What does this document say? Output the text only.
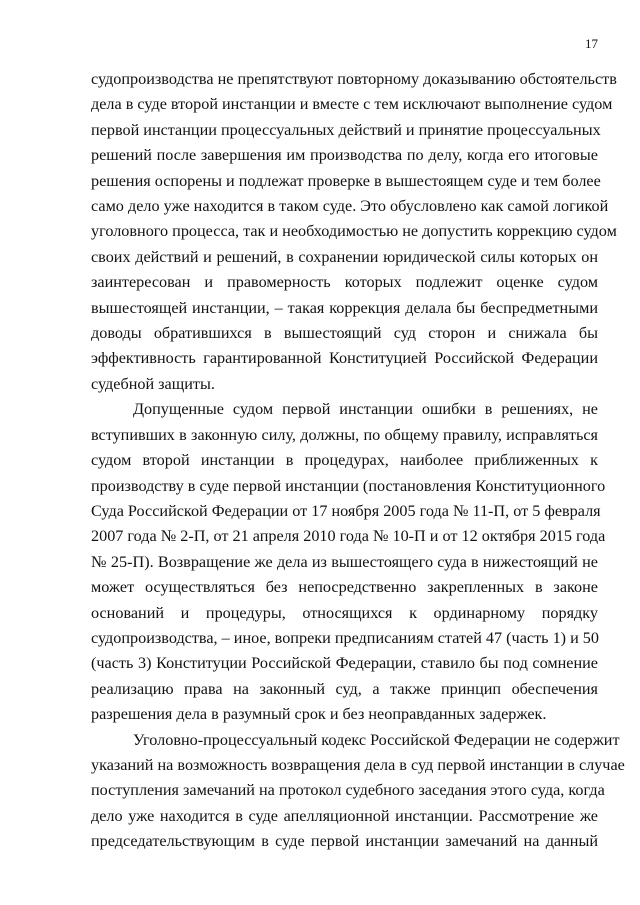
17

судопроизводства не препятствуют повторному доказыванию обстоятельств

дела в суде второй инстанции и вместе с тем исключают выполнение судом

первой инстанции процессуальных действий и принятие процессуальных

решений после завершения им производства по делу, когда его итоговые

решения оспорены и подлежат проверке в вышестоящем суде и тем более

само дело уже находится в таком суде. Это обусловлено как самой логикой

уголовного процесса, так и необходимостью не допустить коррекцию судом

своих действий и решений, в сохранении юридической силы которых он

заинтересован и правомерность которых подлежит оценке судом

вышестоящей инстанции, – такая коррекция делала бы беспредметными

доводы обратившихся в вышестоящий суд сторон и снижала бы

эффективность гарантированной Конституцией Российской Федерации

судебной защиты.

Допущенные судом первой инстанции ошибки в решениях, не

вступивших в законную силу, должны, по общему правилу, исправляться

судом второй инстанции в процедурах, наиболее приближенных к

производству в суде первой инстанции (постановления Конституционного

Суда Российской Федерации от 17 ноября 2005 года № 11-П, от 5 февраля

2007 года № 2-П, от 21 апреля 2010 года № 10-П и от 12 октября 2015 года

№ 25-П). Возвращение же дела из вышестоящего суда в нижестоящий не

может осуществляться без непосредственно закрепленных в законе

оснований и процедуры, относящихся к ординарному порядку

судопроизводства, – иное, вопреки предписаниям статей 47 (часть 1) и 50

(часть 3) Конституции Российской Федерации, ставило бы под сомнение

реализацию права на законный суд, а также принцип обеспечения

разрешения дела в разумный срок и без неоправданных задержек.

Уголовно-процессуальный кодекс Российской Федерации не содержит

указаний на возможность возвращения дела в суд первой инстанции в случае

поступления замечаний на протокол судебного заседания этого суда, когда

дело уже находится в суде апелляционной инстанции. Рассмотрение же

председательствующим в суде первой инстанции замечаний на данный
